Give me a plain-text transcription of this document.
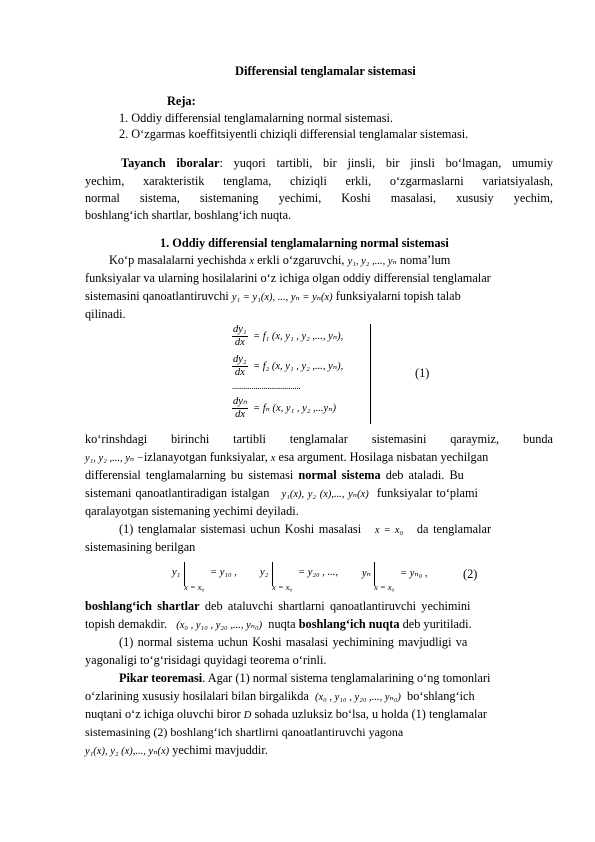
Differensial tenglamalar sistemasi
Reja:
1. Oddiy differensial tenglamalarning normal sistemasi.
2. O‘zgarmas koeffitsiyentli chiziqli differensial tenglamalar sistemasi.
Tayanch iboralar: yuqori tartibli, bir jinsli, bir jinsli bo‘lmagan, umumiy
yechim, xarakteristik tenglama, chiziqli erkli, o‘zgarmaslarni variatsiyalash,
normal sistema, sistemaning yechimi, Koshi masalasi, xususiy yechim,
boshlang‘ich shartlar, boshlang‘ich nuqta.
1. Oddiy differensial tenglamalarning normal sistemasi
Ko‘p masalalarni yechishda x erkli o‘zgaruvchi, y₁, y₂ ,..., yₙ noma’lum
funksiyalar va ularning hosilalarini o‘z ichiga olgan oddiy differensial tenglamalar
sistemasini qanoatlantiruvchi y₁ = y₁(x), ..., yₙ = yₙ(x) funksiyalarni topish talab
qilinadi.
$\frac{\text{dy₁}}{dx} = f_1$ (x, y₁ , y₂ ,..., yₙ),
$\frac{\text{dy₂}}{dx} = f_2$ (x, y₁ , y₂ ,..., yₙ),
...................................
dyₙ
dx
= fₙ (x, y₁ , y₂ ,...yₙ)
(1)
ko‘rinshdagi birinchi tartibli tenglamalar sistemasini qaraymiz, bunda
y₁, y₂ ,..., yₙ −izlanayotgan funksiyalar, x esa argument. Hosilaga nisbatan yechilgan
differensial tenglamalarning bu sistemasi normal sistema deb ataladi. Bu
sistemani qanoatlantiradigan istalgan y₁(x), y₂ (x),..., yₙ(x) funksiyalar to‘plami
qaralayotgan sistemaning yechimi deyiladi.
(1) tenglamalar sistemasi uchun Koshi masalasi x = x₀ da tenglamalar
sistemasining berilgan
y₁
x = x₀
= y₁₀ , y₂
x = x₀
= y₂₀ , ..., yₙ
x = x₀
= yₙ₀ ,	(2)
boshlang‘ich shartlar deb ataluvchi shartlarni qanoatlantiruvchi yechimini
topish demakdir. (x₀ , y₁₀ , y₂₀ ,..., yₙ₀) nuqta boshlang‘ich nuqta deb yuritiladi.
(1) normal sistema uchun Koshi masalasi yechimining mavjudligi va
yagonaligi to‘g‘risidagi quyidagi teorema o‘rinli.
Pikar teoremasi. Agar (1) normal sistema tenglamalarining o‘ng tomonlari
o‘zlarining xususiy hosilalari bilan birgalikda (x₀ , y₁₀ , y₂₀ ,..., yₙ₀) bo‘shlang‘ich
nuqtani o‘z ichiga oluvchi biror D sohada uzluksiz bo‘lsa, u holda (1) tenglamalar
sistemasining (2) boshlang‘ich shartlirni qanoatlantiruvchi yagona
y₁(x), y₂ (x),..., yₙ(x) yechimi mavjuddir.
